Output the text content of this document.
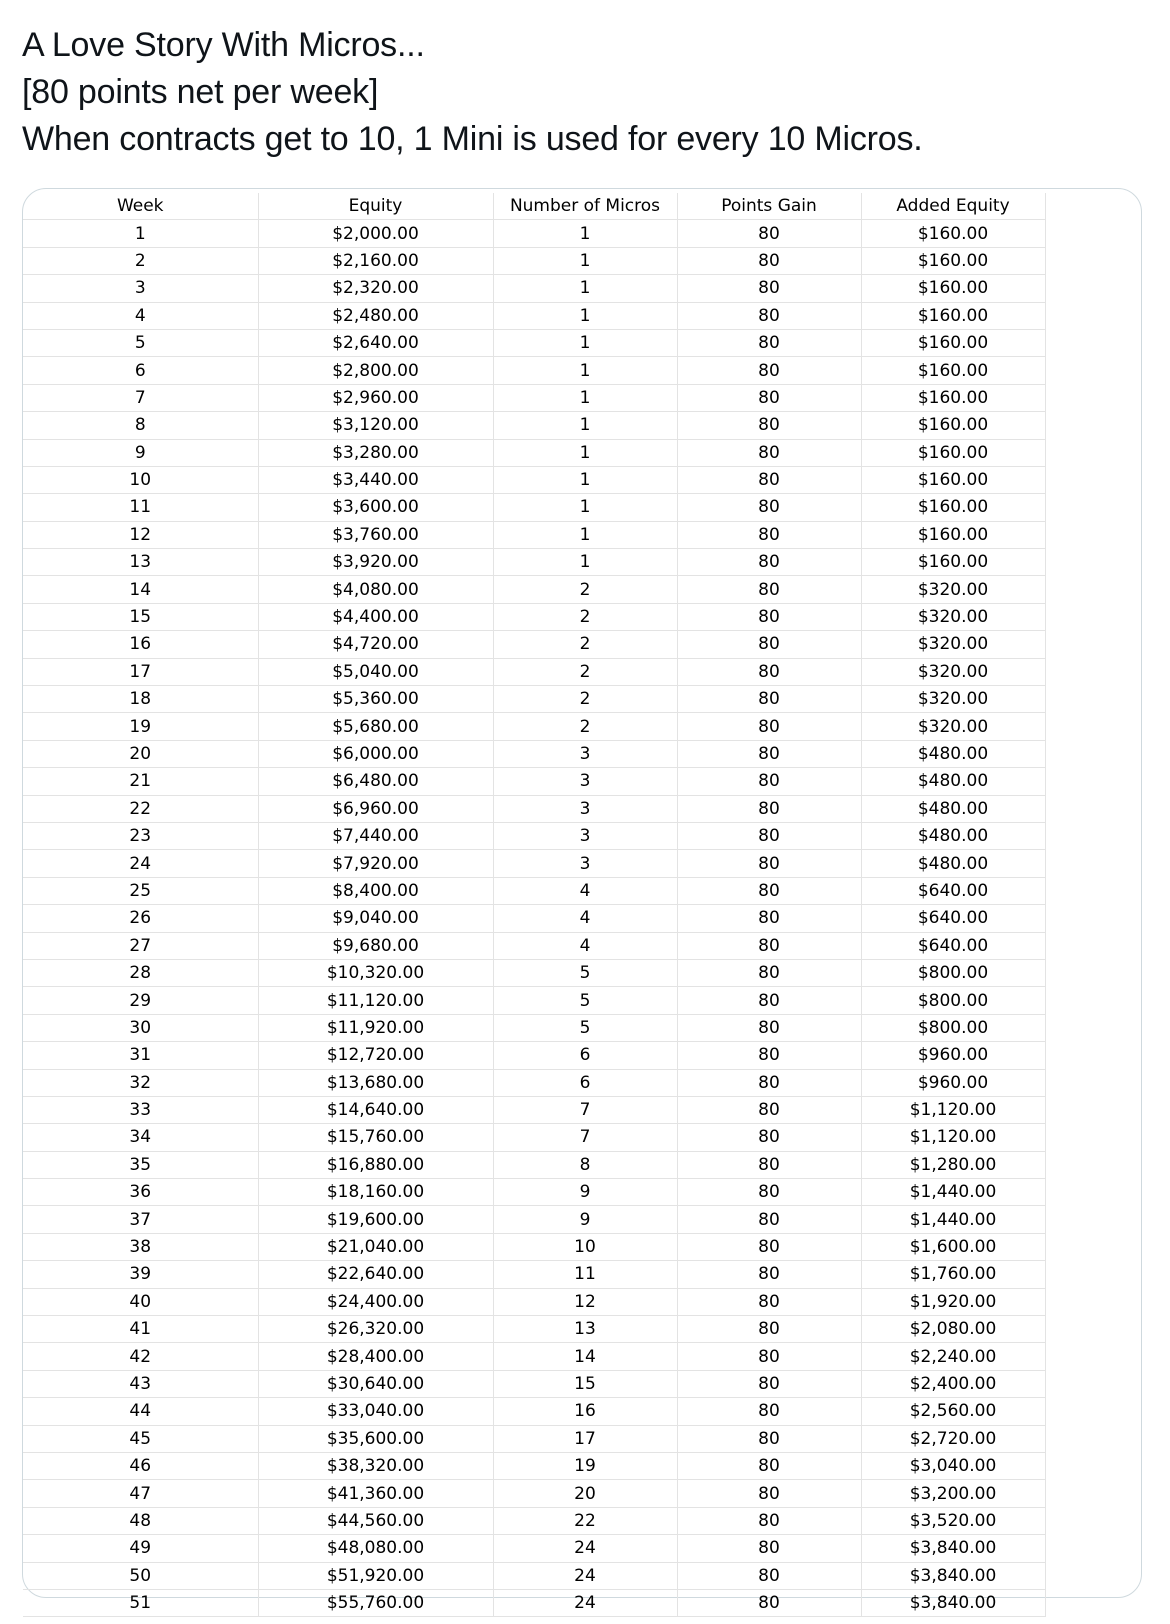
A Love Story With Micros...
[80 points net per week]
When contracts get to 10, 1 Mini is used for every 10 Micros.
Week	Equity	Number of Micros	Points Gain	Added Equity
1	$2,000.00	1	80	$160.00
2	$2,160.00	1	80	$160.00
3	$2,320.00	1	80	$160.00
4	$2,480.00	1	80	$160.00
5	$2,640.00	1	80	$160.00
6	$2,800.00	1	80	$160.00
7	$2,960.00	1	80	$160.00
8	$3,120.00	1	80	$160.00
9	$3,280.00	1	80	$160.00
10	$3,440.00	1	80	$160.00
11	$3,600.00	1	80	$160.00
12	$3,760.00	1	80	$160.00
13	$3,920.00	1	80	$160.00
14	$4,080.00	2	80	$320.00
15	$4,400.00	2	80	$320.00
16	$4,720.00	2	80	$320.00
17	$5,040.00	2	80	$320.00
18	$5,360.00	2	80	$320.00
19	$5,680.00	2	80	$320.00
20	$6,000.00	3	80	$480.00
21	$6,480.00	3	80	$480.00
22	$6,960.00	3	80	$480.00
23	$7,440.00	3	80	$480.00
24	$7,920.00	3	80	$480.00
25	$8,400.00	4	80	$640.00
26	$9,040.00	4	80	$640.00
27	$9,680.00	4	80	$640.00
28	$10,320.00	5	80	$800.00
29	$11,120.00	5	80	$800.00
30	$11,920.00	5	80	$800.00
31	$12,720.00	6	80	$960.00
32	$13,680.00	6	80	$960.00
33	$14,640.00	7	80	$1,120.00
34	$15,760.00	7	80	$1,120.00
35	$16,880.00	8	80	$1,280.00
36	$18,160.00	9	80	$1,440.00
37	$19,600.00	9	80	$1,440.00
38	$21,040.00	10	80	$1,600.00
39	$22,640.00	11	80	$1,760.00
40	$24,400.00	12	80	$1,920.00
41	$26,320.00	13	80	$2,080.00
42	$28,400.00	14	80	$2,240.00
43	$30,640.00	15	80	$2,400.00
44	$33,040.00	16	80	$2,560.00
45	$35,600.00	17	80	$2,720.00
46	$38,320.00	19	80	$3,040.00
47	$41,360.00	20	80	$3,200.00
48	$44,560.00	22	80	$3,520.00
49	$48,080.00	24	80	$3,840.00
50	$51,920.00	24	80	$3,840.00
51	$55,760.00	24	80	$3,840.00
